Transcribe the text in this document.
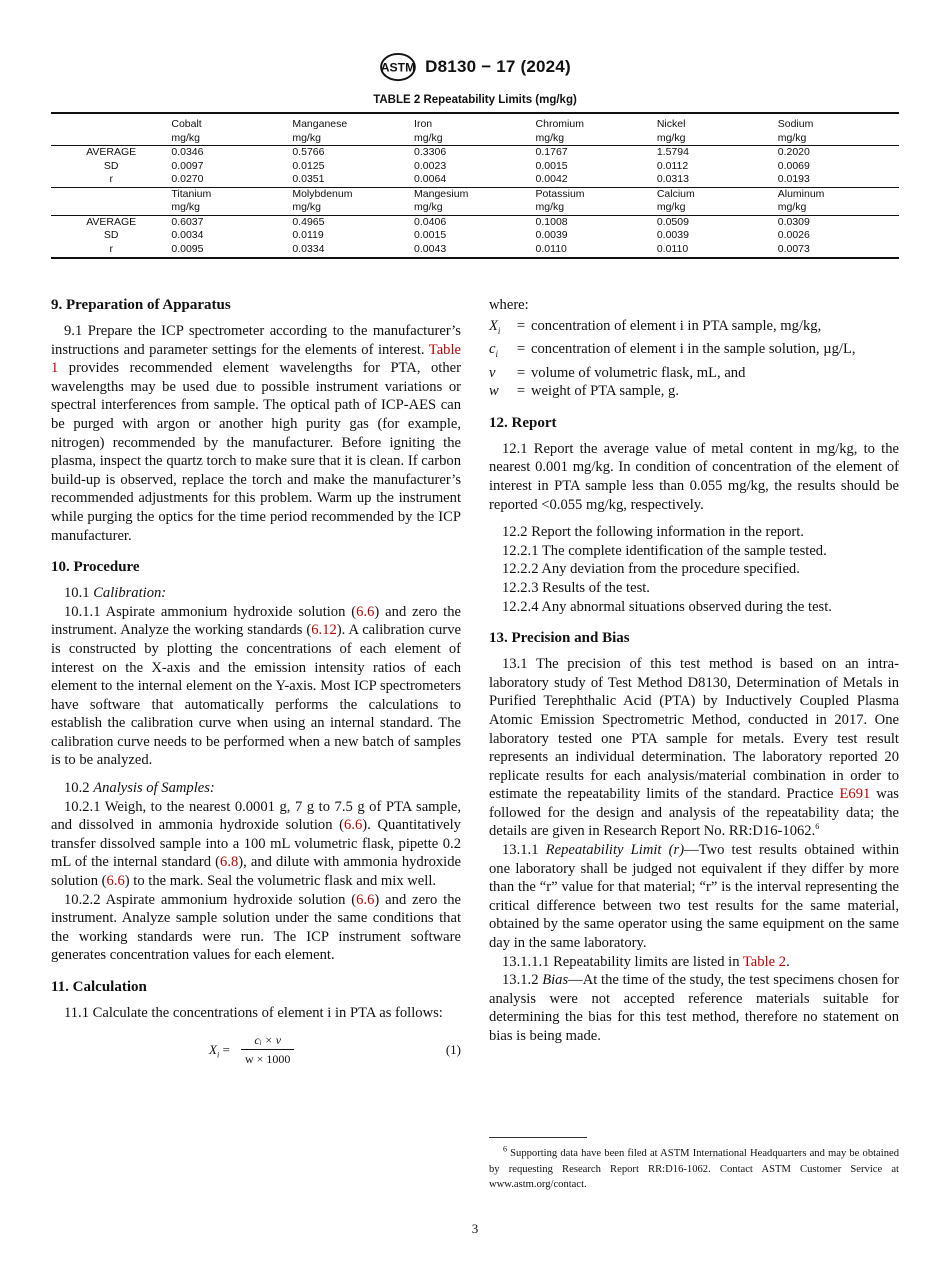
ASTM D8130 − 17 (2024)
TABLE 2 Repeatability Limits (mg/kg)

	Cobalt	Manganese	Iron	Chromium	Nickel	Sodium
	mg/kg	mg/kg	mg/kg	mg/kg	mg/kg	mg/kg
AVERAGE	0.0346	0.5766	0.3306	0.1767	1.5794	0.2020
SD	0.0097	0.0125	0.0023	0.0015	0.0112	0.0069
r	0.0270	0.0351	0.0064	0.0042	0.0313	0.0193
	Titanium	Molybdenum	Mangesium	Potassium	Calcium	Aluminum
	mg/kg	mg/kg	mg/kg	mg/kg	mg/kg	mg/kg
AVERAGE	0.6037	0.4965	0.0406	0.1008	0.0509	0.0309
SD	0.0034	0.0119	0.0015	0.0039	0.0039	0.0026
r	0.0095	0.0334	0.0043	0.0110	0.0110	0.0073
9. Preparation of Apparatus

9.1 Prepare the ICP spectrometer according to the manufacturer’s instructions and parameter settings for the elements of interest. Table 1 provides recommended element wavelengths for PTA, other wavelengths may be used due to possible instrument variations or spectral interferences from sample. The optical path of ICP-AES can be purged with argon or another high purity gas (for example, nitrogen) recommended by the manufacturer. Before igniting the plasma, inspect the quartz torch to make sure that it is clean. If carbon build-up is observed, replace the torch and make the manufacturer’s recommended adjustments for this problem. Warm up the instrument while purging the optics for the time period recommended by the ICP manufacturer.

10. Procedure

10.1 Calibration:

10.1.1 Aspirate ammonium hydroxide solution (6.6) and zero the instrument. Analyze the working standards (6.12). A calibration curve is constructed by plotting the concentrations of each element of interest on the X-axis and the emission intensity ratios of each element to the internal element on the Y-axis. Most ICP spectrometers have software that automatically performs the calculations to establish the calibration curve when using an internal standard. The calibration curve needs to be performed when a new batch of samples is to be analyzed.

10.2 Analysis of Samples:

10.2.1 Weigh, to the nearest 0.0001 g, 7 g to 7.5 g of PTA sample, and dissolved in ammonia hydroxide solution (6.6). Quantitatively transfer dissolved sample into a 100 mL volumetric flask, pipette 0.2 mL of the internal standard (6.8), and dilute with ammonia hydroxide solution (6.6) to the mark. Seal the volumetric flask and mix well.

10.2.2 Aspirate ammonium hydroxide solution (6.6) and zero the instrument. Analyze sample solution under the same conditions that the working standards were run. The ICP instrument software generates concentration values for each element.

11. Calculation

11.1 Calculate the concentrations of element i in PTA as follows:

$X_i = \frac{\text{cᵢ × v}}{w \times 1000}$	(1)

where:

$X_i$	= concentration of element i in PTA sample, mg/kg,
$c_i$	= concentration of element i in the sample solution, µg/L,
v	= volume of volumetric flask, mL, and
w	= weight of PTA sample, g.
12. Report

12.1 Report the average value of metal content in mg/kg, to the nearest 0.001 mg/kg. In condition of concentration of the element of interest in PTA sample less than 0.055 mg/kg, the results should be reported <0.055 mg/kg, respectively.

12.2 Report the following information in the report.

12.2.1 The complete identification of the sample tested.

12.2.2 Any deviation from the procedure specified.

12.2.3 Results of the test.

12.2.4 Any abnormal situations observed during the test.

13. Precision and Bias

13.1 The precision of this test method is based on an intra-laboratory study of Test Method D8130, Determination of Metals in Purified Terephthalic Acid (PTA) by Inductively Coupled Plasma Atomic Emission Spectrometric Method, conducted in 2017. One laboratory tested one PTA sample for metals. Every test result represents an individual determination. The laboratory reported 20 replicate results for each analysis/material combination in order to estimate the repeatability limits of the standard. Practice E691 was followed for the design and analysis of the repeatability data; the details are given in Research Report No. RR:D16-1062.$^6$

13.1.1 Repeatability Limit (r)—Two test results obtained within one laboratory shall be judged not equivalent if they differ by more than the “r” value for that material; “r” is the interval representing the critical difference between two test results for the same material, obtained by the same operator using the same equipment on the same day in the same laboratory.

13.1.1.1 Repeatability limits are listed in Table 2.

13.1.2 Bias—At the time of the study, the test specimens chosen for analysis were not accepted reference materials suitable for determining the bias for this test method, therefore no statement on bias is being made.

$^6$ Supporting data have been filed at ASTM International Headquarters and may be obtained by requesting Research Report RR:D16-1062. Contact ASTM Customer Service at www.astm.org/contact.

3
